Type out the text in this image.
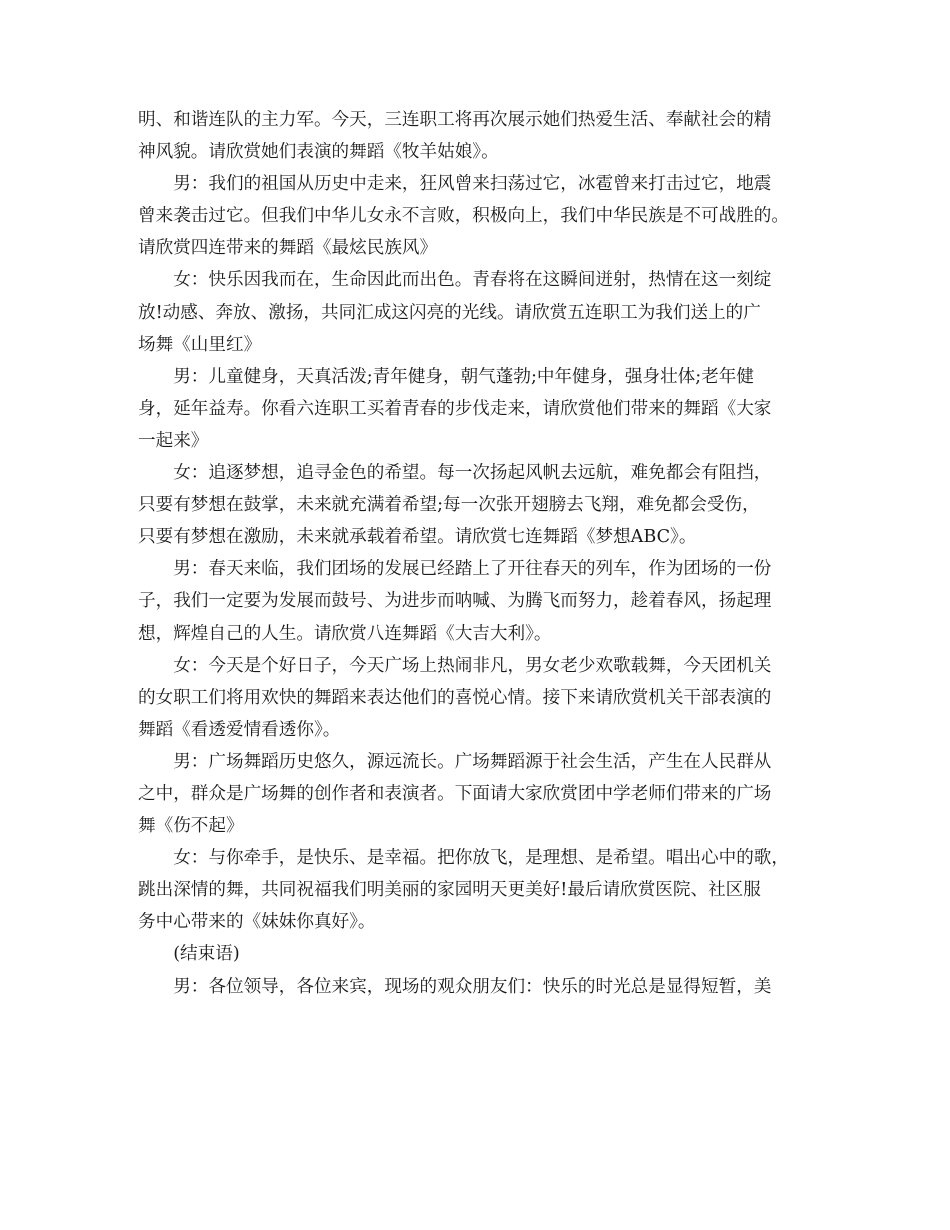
明、和谐连队的主力军。今天，三连职工将再次展示她们热爱生活、奉献社会的精
神风貌。请欣赏她们表演的舞蹈《牧羊姑娘》。

男：我们的祖国从历史中走来，狂风曾来扫荡过它，冰雹曾来打击过它，地震
曾来袭击过它。但我们中华儿女永不言败，积极向上，我们中华民族是不可战胜的。
请欣赏四连带来的舞蹈《最炫民族风》

女：快乐因我而在，生命因此而出色。青春将在这瞬间迸射，热情在这一刻绽
放!动感、奔放、激扬，共同汇成这闪亮的光线。请欣赏五连职工为我们送上的广
场舞《山里红》

男：儿童健身，天真活泼;青年健身，朝气蓬勃;中年健身，强身壮体;老年健
身，延年益寿。你看六连职工买着青春的步伐走来，请欣赏他们带来的舞蹈《大家
一起来》

女：追逐梦想，追寻金色的希望。每一次扬起风帆去远航，难免都会有阻挡，
只要有梦想在鼓掌，未来就充满着希望;每一次张开翅膀去飞翔，难免都会受伤，
只要有梦想在激励，未来就承载着希望。请欣赏七连舞蹈《梦想ABC》。

男：春天来临，我们团场的发展已经踏上了开往春天的列车，作为团场的一份
子，我们一定要为发展而鼓号、为进步而呐喊、为腾飞而努力，趁着春风，扬起理
想，辉煌自己的人生。请欣赏八连舞蹈《大吉大利》。

女：今天是个好日子，今天广场上热闹非凡，男女老少欢歌载舞，今天团机关
的女职工们将用欢快的舞蹈来表达他们的喜悦心情。接下来请欣赏机关干部表演的
舞蹈《看透爱情看透你》。

男：广场舞蹈历史悠久，源远流长。广场舞蹈源于社会生活，产生在人民群从
之中，群众是广场舞的创作者和表演者。下面请大家欣赏团中学老师们带来的广场
舞《伤不起》

女：与你牵手，是快乐、是幸福。把你放飞，是理想、是希望。唱出心中的歌，
跳出深情的舞，共同祝福我们明美丽的家园明天更美好!最后请欣赏医院、社区服
务中心带来的《妹妹你真好》。

(结束语)

男：各位领导，各位来宾，现场的观众朋友们：快乐的时光总是显得短暂，美
